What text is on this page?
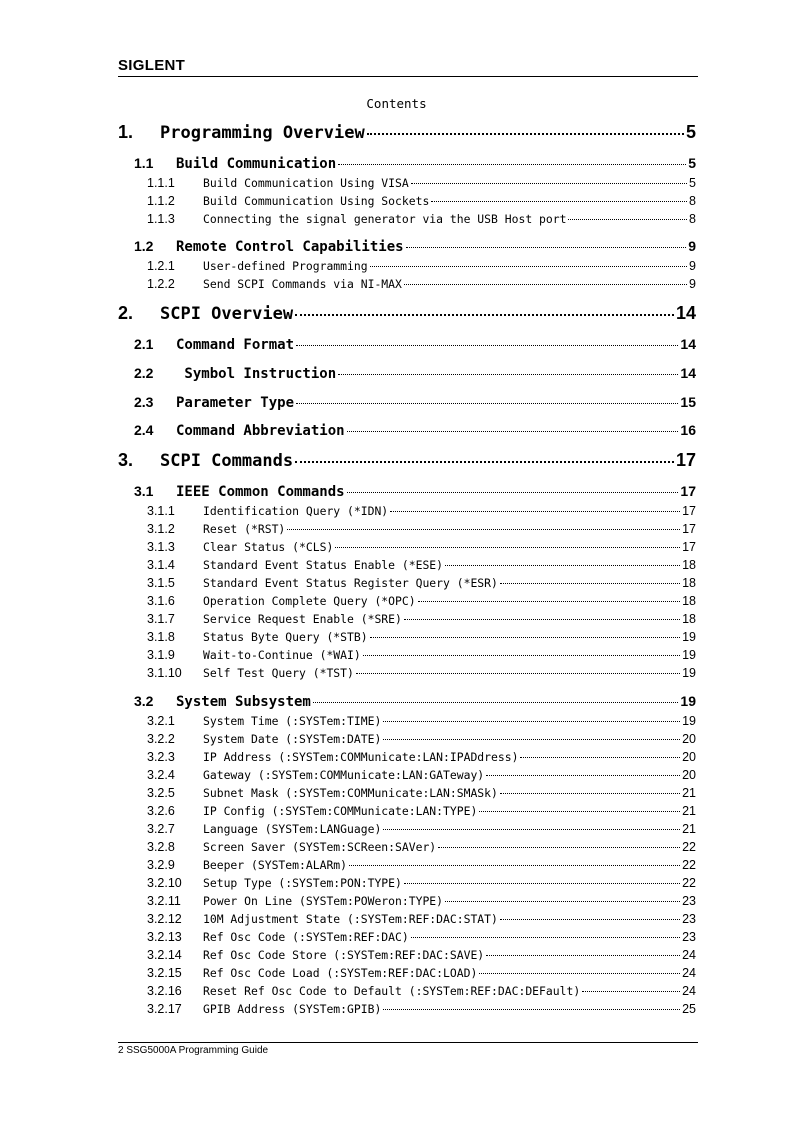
SIGLENT
Contents
1.	Programming Overview	5
1.1	Build Communication	5
1.1.1	Build Communication Using VISA	5
1.1.2	Build Communication Using Sockets	8
1.1.3	Connecting the signal generator via the USB Host port	8
1.2	Remote Control Capabilities	9
1.2.1	User-defined Programming	9
1.2.2	Send SCPI Commands via NI-MAX	9
2.	SCPI Overview	14
2.1	Command Format	14
2.2	Symbol Instruction	14
2.3	Parameter Type	15
2.4	Command Abbreviation	16
3.	SCPI Commands	17
3.1	IEEE Common Commands	17
3.1.1	Identification Query (*IDN)	17
3.1.2	Reset (*RST)	17
3.1.3	Clear Status (*CLS)	17
3.1.4	Standard Event Status Enable (*ESE)	18
3.1.5	Standard Event Status Register Query (*ESR)	18
3.1.6	Operation Complete Query (*OPC)	18
3.1.7	Service Request Enable (*SRE)	18
3.1.8	Status Byte Query (*STB)	19
3.1.9	Wait-to-Continue (*WAI)	19
3.1.10	Self Test Query (*TST)	19
3.2	System Subsystem	19
3.2.1	System Time (:SYSTem:TIME)	19
3.2.2	System Date (:SYSTem:DATE)	20
3.2.3	IP Address (:SYSTem:COMMunicate:LAN:IPADdress)	20
3.2.4	Gateway (:SYSTem:COMMunicate:LAN:GATeway)	20
3.2.5	Subnet Mask (:SYSTem:COMMunicate:LAN:SMASk)	21
3.2.6	IP Config (:SYSTem:COMMunicate:LAN:TYPE)	21
3.2.7	Language (SYSTem:LANGuage)	21
3.2.8	Screen Saver (SYSTem:SCReen:SAVer)	22
3.2.9	Beeper (SYSTem:ALARm)	22
3.2.10	Setup Type (:SYSTem:PON:TYPE)	22
3.2.11	Power On Line (SYSTem:POWeron:TYPE)	23
3.2.12	10M Adjustment State (:SYSTem:REF:DAC:STAT)	23
3.2.13	Ref Osc Code (:SYSTem:REF:DAC)	23
3.2.14	Ref Osc Code Store (:SYSTem:REF:DAC:SAVE)	24
3.2.15	Ref Osc Code Load (:SYSTem:REF:DAC:LOAD)	24
3.2.16	Reset Ref Osc Code to Default (:SYSTem:REF:DAC:DEFault)	24
3.2.17	GPIB Address (SYSTem:GPIB)	25
2 SSG5000A Programming Guide
